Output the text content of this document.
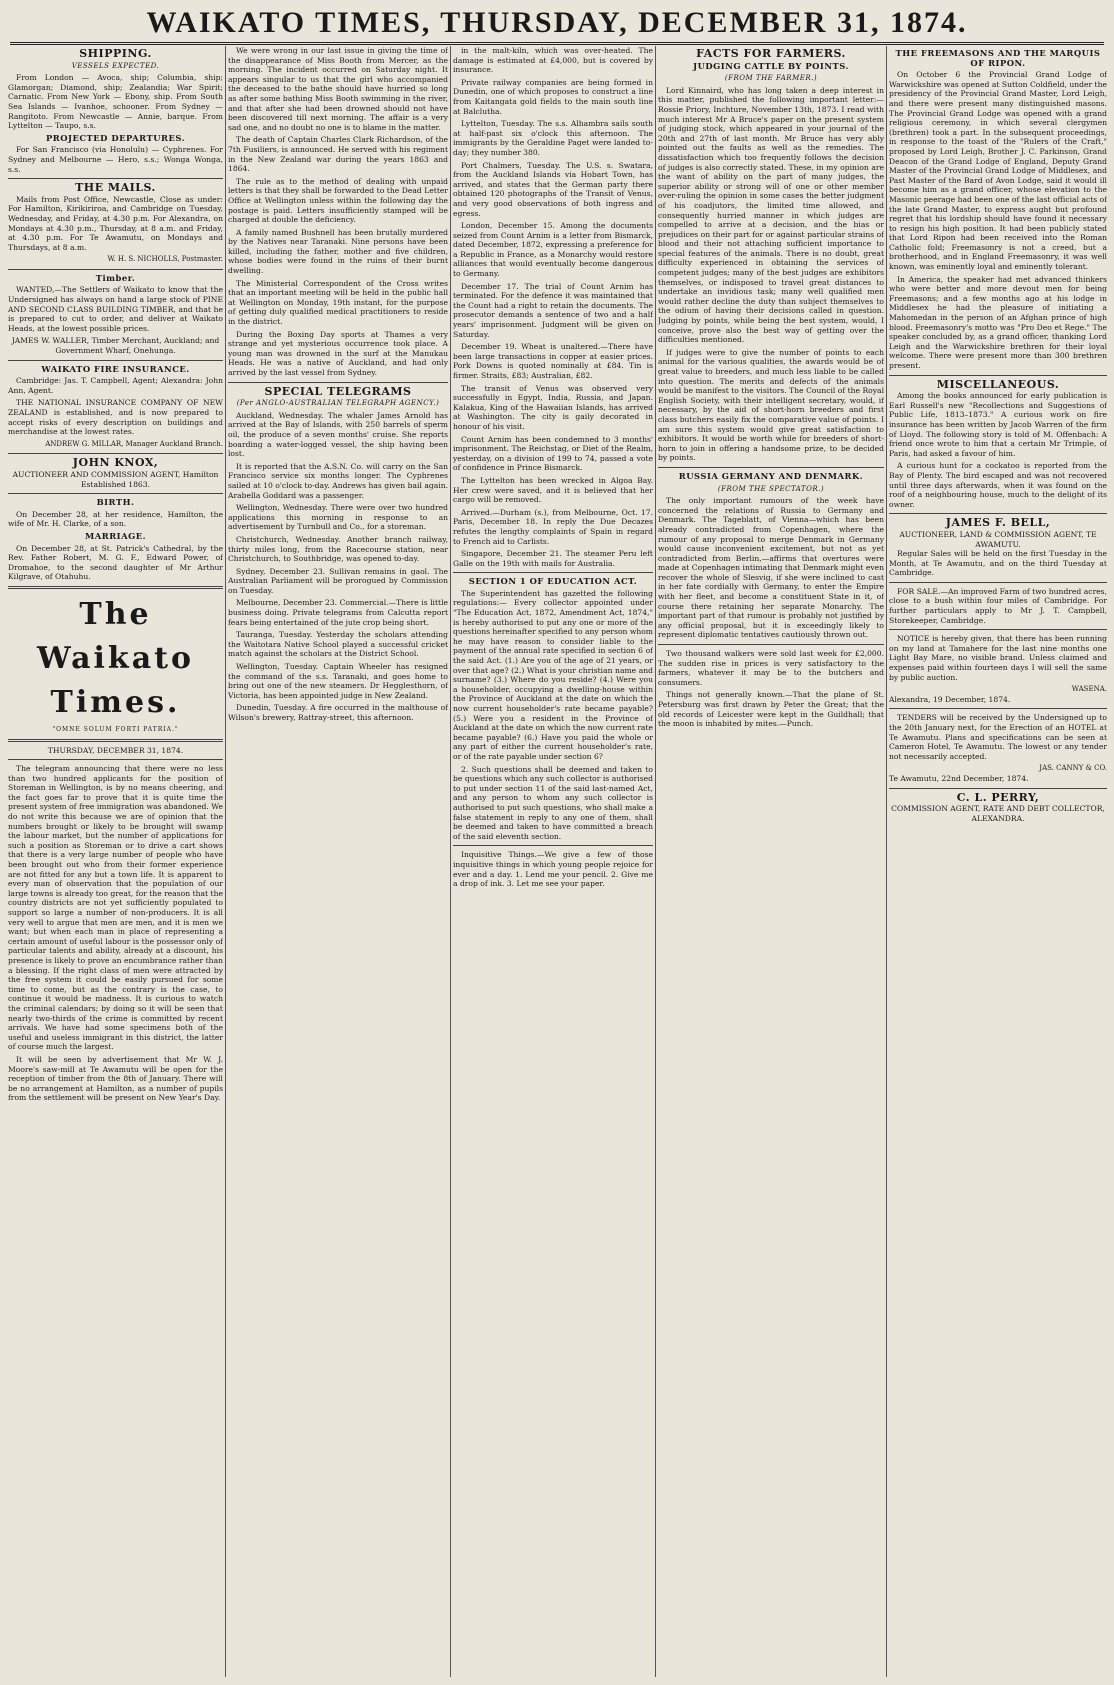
WAIKATO TIMES, THURSDAY, DECEMBER 31, 1874.
SHIPPING.
VESSELS EXPECTED.

From London — Avoca, ship; Columbia, ship; Glamorgan; Diamond, ship; Zealandia; War Spirit; Carnatic. From New York — Ebony, ship. From South Sea Islands — Ivanhoe, schooner. From Sydney — Rangitoto. From Newcastle — Annie, barque. From Lyttelton — Taupo, s.s.

PROJECTED DEPARTURES.

For San Francisco (via Honolulu) — Cyphrenes. For Sydney and Melbourne — Hero, s.s.; Wonga Wonga, s.s.

THE MAILS.

Mails from Post Office, Newcastle, Close as under: For Hamilton, Kirikiriroa, and Cambridge on Tuesday, Wednesday, and Friday, at 4.30 p.m. For Alexandra, on Mondays at 4.30 p.m., Thursday, at 8 a.m. and Friday, at 4.30 p.m. For Te Awamutu, on Mondays and Thursdays, at 8 a.m.

W. H. S. NICHOLLS, Postmaster.
Timber.

WANTED,—The Settlers of Waikato to know that the Undersigned has always on hand a large stock of PINE AND SECOND CLASS BUILDING TIMBER, and that he is prepared to cut to order, and deliver at Waikato Heads, at the lowest possible prices.

JAMES W. WALLER, Timber Merchant, Auckland; and Government Wharf, Onehunga.
WAIKATO FIRE INSURANCE.

Cambridge: Jas. T. Campbell, Agent; Alexandra: John Ann, Agent.

THE NATIONAL INSURANCE COMPANY OF NEW ZEALAND is established, and is now prepared to accept risks of every description on buildings and merchandise at the lowest rates.

ANDREW G. MILLAR, Manager Auckland Branch.
JOHN KNOX,
AUCTIONEER AND COMMISSION AGENT, Hamilton
Established 1863.
BIRTH.

On December 28, at her residence, Hamilton, the wife of Mr. H. Clarke, of a son.

MARRIAGE.

On December 28, at St. Patrick's Cathedral, by the Rev. Father Robert, M. G. F., Edward Power, of Dromahoe, to the second daughter of Mr Arthur Kilgrave, of Otahuhu.

The Waikato Times.
"OMNE SOLUM FORTI PATRIA."
THURSDAY, DECEMBER 31, 1874.

The telegram announcing that there were no less than two hundred applicants for the position of Storeman in Wellington, is by no means cheering, and the fact goes far to prove that it is quite time the present system of free immigration was abandoned. We do not write this because we are of opinion that the numbers brought or likely to be brought will swamp the labour market, but the number of applications for such a position as Storeman or to drive a cart shows that there is a very large number of people who have been brought out who from their former experience are not fitted for any but a town life. It is apparent to every man of observation that the population of our large towns is already too great, for the reason that the country districts are not yet sufficiently populated to support so large a number of non-producers. It is all very well to argue that men are men, and it is men we want; but when each man in place of representing a certain amount of useful labour is the possessor only of particular talents and ability, already at a discount, his presence is likely to prove an encumbrance rather than a blessing. If the right class of men were attracted by the free system it could be easily pursued for some time to come, but as the contrary is the case, to continue it would be madness. It is curious to watch the criminal calendars; by doing so it will be seen that nearly two-thirds of the crime is committed by recent arrivals. We have had some specimens both of the useful and useless immigrant in this district, the latter of course much the largest.

It will be seen by advertisement that Mr W. J. Moore's saw-mill at Te Awamutu will be open for the reception of timber from the 8th of January. There will be no arrangement at Hamilton, as a number of pupils from the settlement will be present on New Year's Day.

We were wrong in our last issue in giving the time of the disappearance of Miss Booth from Mercer, as the morning. The incident occurred on Saturday night. It appears singular to us that the girl who accompanied the deceased to the bathe should have hurried so long as after some bathing Miss Booth swimming in the river, and that after she had been drowned should not have been discovered till next morning. The affair is a very sad one, and no doubt no one is to blame in the matter.

The death of Captain Charles Clark Richardson, of the 7th Fusiliers, is announced. He served with his regiment in the New Zealand war during the years 1863 and 1864.

The rule as to the method of dealing with unpaid letters is that they shall be forwarded to the Dead Letter Office at Wellington unless within the following day the postage is paid. Letters insufficiently stamped will be charged at double the deficiency.

A family named Bushnell has been brutally murdered by the Natives near Taranaki. Nine persons have been killed, including the father, mother and five children, whose bodies were found in the ruins of their burnt dwelling.

The Ministerial Correspondent of the Cross writes that an important meeting will be held in the public hall at Wellington on Monday, 19th instant, for the purpose of getting duly qualified medical practitioners to reside in the district.

During the Boxing Day sports at Thames a very strange and yet mysterious occurrence took place. A young man was drowned in the surf at the Manukau Heads. He was a native of Auckland, and had only arrived by the last vessel from Sydney.

SPECIAL TELEGRAMS
(Per ANGLO-AUSTRALIAN TELEGRAPH AGENCY.)

Auckland, Wednesday. The whaler James Arnold has arrived at the Bay of Islands, with 250 barrels of sperm oil, the produce of a seven months' cruise. She reports boarding a water-logged vessel, the ship having been lost.

It is reported that the A.S.N. Co. will carry on the San Francisco service six months longer. The Cyphrenes sailed at 10 o'clock to-day. Andrews has given bail again. Arabella Goddard was a passenger.

Wellington, Wednesday. There were over two hundred applications this morning in response to an advertisement by Turnbull and Co., for a storeman.

Christchurch, Wednesday. Another branch railway, thirty miles long, from the Racecourse station, near Christchurch, to Southbridge, was opened to-day.

Sydney, December 23. Sullivan remains in gaol. The Australian Parliament will be prorogued by Commission on Tuesday.

Melbourne, December 23. Commercial.—There is little business doing. Private telegrams from Calcutta report fears being entertained of the jute crop being short.

Tauranga, Tuesday. Yesterday the scholars attending the Waitotara Native School played a successful cricket match against the scholars at the District School.

Wellington, Tuesday. Captain Wheeler has resigned the command of the s.s. Taranaki, and goes home to bring out one of the new steamers. Dr Hegglesthorn, of Victoria, has been appointed judge in New Zealand.

Dunedin, Tuesday. A fire occurred in the malthouse of Wilson's brewery, Rattray-street, this afternoon.

in the malt-kiln, which was over-heated. The damage is estimated at £4,000, but is covered by insurance.

Private railway companies are being formed in Dunedin, one of which proposes to construct a line from Kaitangata gold fields to the main south line at Balclutha.

Lyttelton, Tuesday. The s.s. Alhambra sails south at half-past six o'clock this afternoon. The immigrants by the Geraldine Paget were landed to-day; they number 380.

Port Chalmers, Tuesday. The U.S. s. Swatara, from the Auckland Islands via Hobart Town, has arrived, and states that the German party there obtained 120 photographs of the Transit of Venus, and very good observations of both ingress and egress.

London, December 15. Among the documents seized from Count Arnim is a letter from Bismarck, dated December, 1872, expressing a preference for a Republic in France, as a Monarchy would restore alliances that would eventually become dangerous to Germany.

December 17. The trial of Count Arnim has terminated. For the defence it was maintained that the Count had a right to retain the documents. The prosecutor demands a sentence of two and a half years' imprisonment. Judgment will be given on Saturday.

December 19. Wheat is unaltered.—There have been large transactions in copper at easier prices. Pork Downs is quoted nominally at £84. Tin is firmer. Straits, £83; Australian, £82.

The transit of Venus was observed very successfully in Egypt, India, Russia, and Japan. Kalakua, King of the Hawaiian Islands, has arrived at Washington. The city is gaily decorated in honour of his visit.

Count Arnim has been condemned to 3 months' imprisonment. The Reichstag, or Diet of the Realm, yesterday, on a division of 199 to 74, passed a vote of confidence in Prince Bismarck.

The Lyttelton has been wrecked in Algoa Bay. Her crew were saved, and it is believed that her cargo will be removed.

Arrived.—Durham (s.), from Melbourne, Oct. 17. Paris, December 18. In reply the Due Decazes refutes the lengthy complaints of Spain in regard to French aid to Carlists.

Singapore, December 21. The steamer Peru left Galle on the 19th with mails for Australia.

SECTION 1 OF EDUCATION ACT.

The Superintendent has gazetted the following regulations:— Every collector appointed under "The Education Act, 1872, Amendment Act, 1874," is hereby authorised to put any one or more of the questions hereinafter specified to any person whom he may have reason to consider liable to the payment of the annual rate specified in section 6 of the said Act. (1.) Are you of the age of 21 years, or over that age? (2.) What is your christian name and surname? (3.) Where do you reside? (4.) Were you a householder, occupying a dwelling-house within the Province of Auckland at the date on which the now current householder's rate became payable? (5.) Were you a resident in the Province of Auckland at the date on which the now current rate became payable? (6.) Have you paid the whole or any part of either the current householder's rate, or of the rate payable under section 6?

2. Such questions shall be deemed and taken to be questions which any such collector is authorised to put under section 11 of the said last-named Act, and any person to whom any such collector is authorised to put such questions, who shall make a false statement in reply to any one of them, shall be deemed and taken to have committed a breach of the said eleventh section.

Inquisitive Things.—We give a few of those inquisitive things in which young people rejoice for ever and a day. 1. Lend me your pencil. 2. Give me a drop of ink. 3. Let me see your paper.

FACTS FOR FARMERS.
JUDGING CATTLE BY POINTS.
(FROM THE FARMER.)

Lord Kinnaird, who has long taken a deep interest in this matter, published the following important letter:—Rossie Priory, Inchture, November 13th, 1873. I read with much interest Mr A Bruce's paper on the present system of judging stock, which appeared in your journal of the 20th and 27th of last month. Mr Bruce has very ably pointed out the faults as well as the remedies. The dissatisfaction which too frequently follows the decision of judges is also correctly stated. These, in my opinion are the want of ability on the part of many judges, the superior ability or strong will of one or other member over-ruling the opinion in some cases the better judgment of his coadjutors, the limited time allowed, and consequently hurried manner in which judges are compelled to arrive at a decision, and the bias or prejudices on their part for or against particular strains of blood and their not attaching sufficient importance to special features of the animals. There is no doubt, great difficulty experienced in obtaining the services of competent judges; many of the best judges are exhibitors themselves, or indisposed to travel great distances to undertake an invidious task; many well qualified men would rather decline the duty than subject themselves to the odium of having their decisions called in question. Judging by points, while being the best system, would, I conceive, prove also the best way of getting over the difficulties mentioned.

If judges were to give the number of points to each animal for the various qualities, the awards would be of great value to breeders, and much less liable to be called into question. The merits and defects of the animals would be manifest to the visitors. The Council of the Royal English Society, with their intelligent secretary, would, if necessary, by the aid of short-horn breeders and first class butchers easily fix the comparative value of points. I am sure this system would give great satisfaction to exhibitors. It would be worth while for breeders of short-horn to join in offering a handsome prize, to be decided by points.

RUSSIA GERMANY AND DENMARK.
(FROM THE SPECTATOR.)

The only important rumours of the week have concerned the relations of Russia to Germany and Denmark. The Tageblatt, of Vienna—which has been already contradicted from Copenhagen, where the rumour of any proposal to merge Denmark in Germany would cause inconvenient excitement, but not as yet contradicted from Berlin,—affirms that overtures were made at Copenhagen intimating that Denmark might even recover the whole of Slesvig, if she were inclined to cast in her fate cordially with Germany, to enter the Empire with her fleet, and become a constituent State in it, of course there retaining her separate Monarchy. The important part of that rumour is probably not justified by any official proposal, but it is exceedingly likely to represent diplomatic tentatives cautiously thrown out.

Two thousand walkers were sold last week for £2,000. The sudden rise in prices is very satisfactory to the farmers, whatever it may be to the butchers and consumers.

Things not generally known.—That the plane of St. Petersburg was first drawn by Peter the Great; that the old records of Leicester were kept in the Guildhall; that the moon is inhabited by mites.—Punch.

THE FREEMASONS AND THE MARQUIS OF RIPON.

On October 6 the Provincial Grand Lodge of Warwickshire was opened at Sutton Coldfield, under the presidency of the Provincial Grand Master, Lord Leigh, and there were present many distinguished masons. The Provincial Grand Lodge was opened with a grand religious ceremony, in which several clergymen (brethren) took a part. In the subsequent proceedings, in response to the toast of the "Rulers of the Craft," proposed by Lord Leigh, Brother J. C. Parkinson, Grand Deacon of the Grand Lodge of England, Deputy Grand Master of the Provincial Grand Lodge of Middlesex, and Past Master of the Bard of Avon Lodge, said it would ill become him as a grand officer, whose elevation to the Masonic peerage had been one of the last official acts of the late Grand Master, to express aught but profound regret that his lordship should have found it necessary to resign his high position. It had been publicly stated that Lord Ripon had been received into the Roman Catholic fold; Freemasonry is not a creed, but a brotherhood, and in England Freemasonry, it was well known, was eminently loyal and eminently tolerant.

In America, the speaker had met advanced thinkers who were better and more devout men for being Freemasons; and a few months ago at his lodge in Middlesex he had the pleasure of initiating a Mahomedan in the person of an Afghan prince of high blood. Freemasonry's motto was "Pro Deo et Rege." The speaker concluded by, as a grand officer, thanking Lord Leigh and the Warwickshire brethren for their loyal welcome. There were present more than 300 brethren present.

MISCELLANEOUS.

Among the books announced for early publication is Earl Russell's new "Recollections and Suggestions of Public Life, 1813–1873." A curious work on fire insurance has been written by Jacob Warren of the firm of Lloyd. The following story is told of M. Offenbach: A friend once wrote to him that a certain Mr Trimple, of Paris, had asked a favour of him.

A curious hunt for a cockatoo is reported from the Bay of Plenty. The bird escaped and was not recovered until three days afterwards, when it was found on the roof of a neighbouring house, much to the delight of its owner.

JAMES F. BELL,
AUCTIONEER, LAND & COMMISSION AGENT, TE AWAMUTU.

Regular Sales will be held on the first Tuesday in the Month, at Te Awamutu, and on the third Tuesday at Cambridge.

FOR SALE.—An improved Farm of two hundred acres, close to a bush within four miles of Cambridge. For further particulars apply to Mr J. T. Campbell, Storekeeper, Cambridge.

NOTICE is hereby given, that there has been running on my land at Tamahere for the last nine months one Light Bay Mare, no visible brand. Unless claimed and expenses paid within fourteen days I will sell the same by public auction.

WASENA.
Alexandra, 19 December, 1874.

TENDERS will be received by the Undersigned up to the 20th January next, for the Erection of an HOTEL at Te Awamutu. Plans and specifications can be seen at Cameron Hotel, Te Awamutu. The lowest or any tender not necessarily accepted.

JAS. CANNY & CO.
Te Awamutu, 22nd December, 1874.
C. L. PERRY,
COMMISSION AGENT, RATE AND DEBT COLLECTOR, ALEXANDRA.
